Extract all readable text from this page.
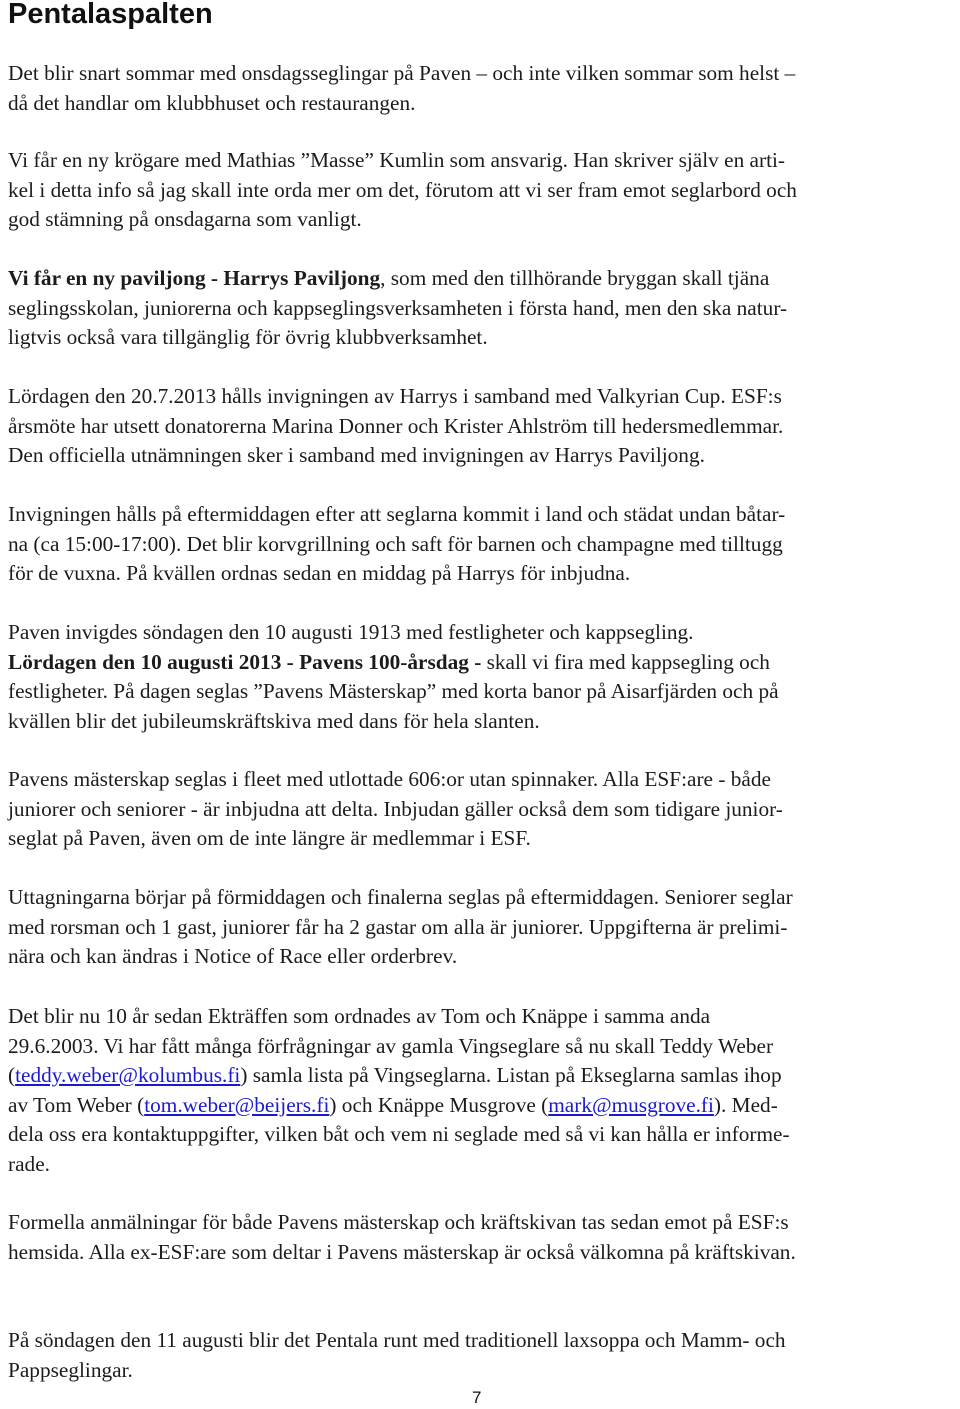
Pentalaspalten

Det blir snart sommar med onsdagsseglingar på Paven – och inte vilken sommar som helst –
då det handlar om klubbhuset och restaurangen.

Vi får en ny krögare med Mathias ”Masse” Kumlin som ansvarig. Han skriver själv en arti-
kel i detta info så jag skall inte orda mer om det, förutom att vi ser fram emot seglarbord och
god stämning på onsdagarna som vanligt.

Vi får en ny paviljong - Harrys Paviljong, som med den tillhörande bryggan skall tjäna
seglingsskolan, juniorerna och kappseglingsverksamheten i första hand, men den ska natur-
ligtvis också vara tillgänglig för övrig klubbverksamhet.

Lördagen den 20.7.2013 hålls invigningen av Harrys i samband med Valkyrian Cup. ESF:s
årsmöte har utsett donatorerna Marina Donner och Krister Ahlström till hedersmedlemmar.
Den officiella utnämningen sker i samband med invigningen av Harrys Paviljong.

Invigningen hålls på eftermiddagen efter att seglarna kommit i land och städat undan båtar-
na (ca 15:00-17:00). Det blir korvgrillning och saft för barnen och champagne med tilltugg
för de vuxna. På kvällen ordnas sedan en middag på Harrys för inbjudna.

Paven invigdes söndagen den 10 augusti 1913 med festligheter och kappsegling.
Lördagen den 10 augusti 2013 - Pavens 100-årsdag - skall vi fira med kappsegling och
festligheter. På dagen seglas ”Pavens Mästerskap” med korta banor på Aisarfjärden och på
kvällen blir det jubileumskräftskiva med dans för hela slanten.

Pavens mästerskap seglas i fleet med utlottade 606:or utan spinnaker. Alla ESF:are - både
juniorer och seniorer - är inbjudna att delta. Inbjudan gäller också dem som tidigare junior-
seglat på Paven, även om de inte längre är medlemmar i ESF.

Uttagningarna börjar på förmiddagen och finalerna seglas på eftermiddagen. Seniorer seglar
med rorsman och 1 gast, juniorer får ha 2 gastar om alla är juniorer. Uppgifterna är prelimi-
nära och kan ändras i Notice of Race eller orderbrev.

Det blir nu 10 år sedan Ekträffen som ordnades av Tom och Knäppe i samma anda
29.6.2003. Vi har fått många förfrågningar av gamla Vingseglare så nu skall Teddy Weber
(teddy.weber@kolumbus.fi) samla lista på Vingseglarna. Listan på Ekseglarna samlas ihop
av Tom Weber (tom.weber@beijers.fi) och Knäppe Musgrove (mark@musgrove.fi). Med-
dela oss era kontaktuppgifter, vilken båt och vem ni seglade med så vi kan hålla er informe-
rade.

Formella anmälningar för både Pavens mästerskap och kräftskivan tas sedan emot på ESF:s
hemsida. Alla ex-ESF:are som deltar i Pavens mästerskap är också välkomna på kräftskivan.

På söndagen den 11 augusti blir det Pentala runt med traditionell laxsoppa och Mamm- och
Pappseglingar.

7
